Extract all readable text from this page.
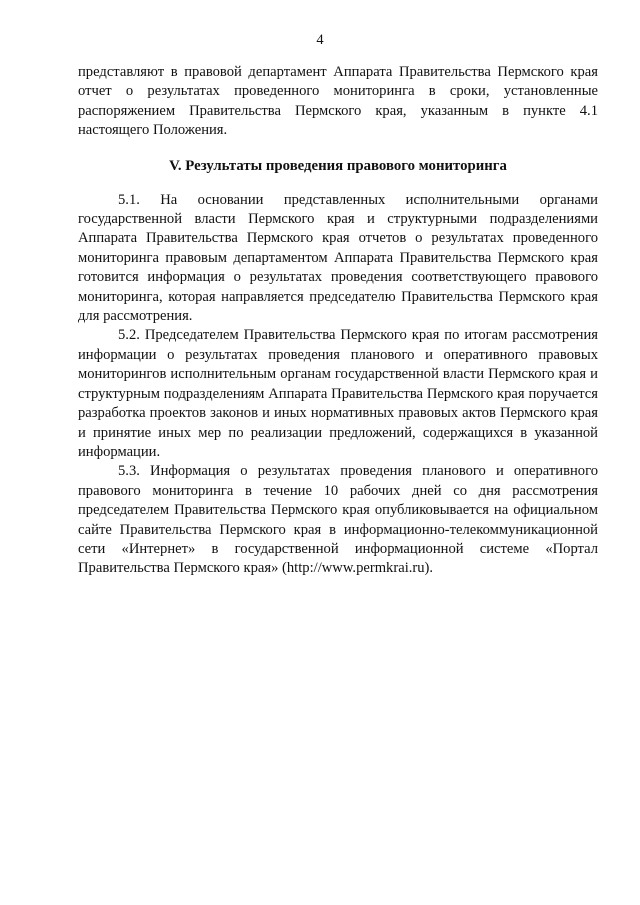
4

представляют в правовой департамент Аппарата Правительства Пермского края отчет о результатах проведенного мониторинга в сроки, установленные распоряжением Правительства Пермского края, указанным в пункте 4.1 настоящего Положения.

V. Результаты проведения правового мониторинга

5.1. На основании представленных исполнительными органами государственной власти Пермского края и структурными подразделениями Аппарата Правительства Пермского края отчетов о результатах проведенного мониторинга правовым департаментом Аппарата Правительства Пермского края готовится информация о результатах проведения соответствующего правового мониторинга, которая направляется председателю Правительства Пермского края для рассмотрения.

5.2. Председателем Правительства Пермского края по итогам рассмотрения информации о результатах проведения планового и оперативного правовых мониторингов исполнительным органам государственной власти Пермского края и структурным подразделениям Аппарата Правительства Пермского края поручается разработка проектов законов и иных нормативных правовых актов Пермского края и принятие иных мер по реализации предложений, содержащихся в указанной информации.

5.3. Информация о результатах проведения планового и оперативного правового мониторинга в течение 10 рабочих дней со дня рассмотрения председателем Правительства Пермского края опубликовывается на официальном сайте Правительства Пермского края в информационно-телекоммуникационной сети «Интернет» в государственной информационной системе «Портал Правительства Пермского края» (http://www.permkrai.ru).
